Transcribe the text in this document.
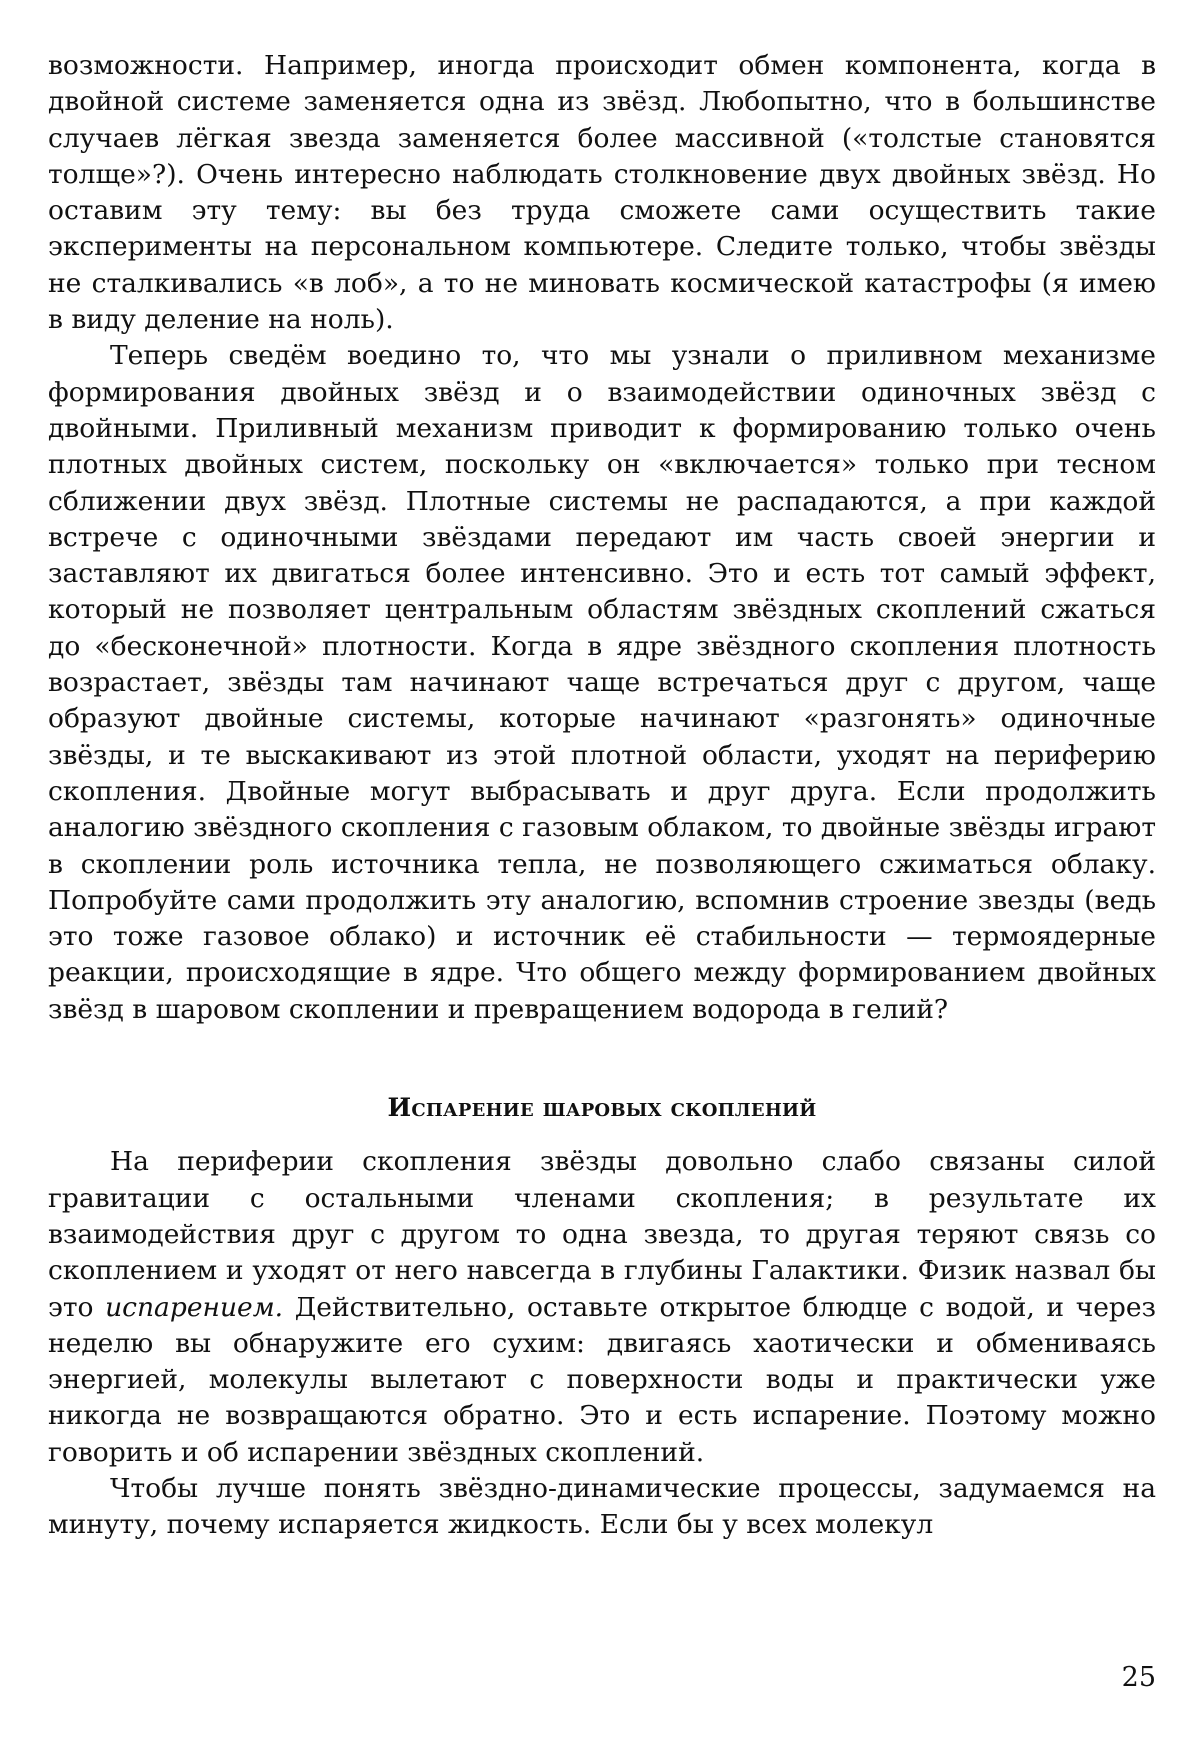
возможности. Например, иногда происходит обмен компонента, когда в двойной системе заменяется одна из звёзд. Любопытно, что в большинстве случаев лёгкая звезда заменяется более массивной («толстые становятся толще»?). Очень интересно наблюдать столкновение двух двойных звёзд. Но оставим эту тему: вы без труда сможете сами осуществить такие эксперименты на персональном компьютере. Следите только, чтобы звёзды не сталкивались «в лоб», а то не миновать космической катастрофы (я имею в виду деление на ноль).

Теперь сведём воедино то, что мы узнали о приливном механизме формирования двойных звёзд и о взаимодействии одиночных звёзд с двойными. Приливный механизм приводит к формированию только очень плотных двойных систем, поскольку он «включается» только при тесном сближении двух звёзд. Плотные системы не распадаются, а при каждой встрече с одиночными звёздами передают им часть своей энергии и заставляют их двигаться более интенсивно. Это и есть тот самый эффект, который не позволяет центральным областям звёздных скоплений сжаться до «бесконечной» плотности. Когда в ядре звёздного скопления плотность возрастает, звёзды там начинают чаще встречаться друг с другом, чаще образуют двойные системы, которые начинают «разгонять» одиночные звёзды, и те выскакивают из этой плотной области, уходят на периферию скопления. Двойные могут выбрасывать и друг друга. Если продолжить аналогию звёздного скопления с газовым облаком, то двойные звёзды играют в скоплении роль источника тепла, не позволяющего сжиматься облаку. Попробуйте сами продолжить эту аналогию, вспомнив строение звезды (ведь это тоже газовое облако) и источник её стабильности — термоядерные реакции, происходящие в ядре. Что общего между формированием двойных звёзд в шаровом скоплении и превращением водорода в гелий?

Испарение шаровых скоплений

На периферии скопления звёзды довольно слабо связаны силой гравитации с остальными членами скопления; в результате их взаимодействия друг с другом то одна звезда, то другая теряют связь со скоплением и уходят от него навсегда в глубины Галактики. Физик назвал бы это испарением. Действительно, оставьте открытое блюдце с водой, и через неделю вы обнаружите его сухим: двигаясь хаотически и обмениваясь энергией, молекулы вылетают с поверхности воды и практически уже никогда не возвращаются обратно. Это и есть испарение. Поэтому можно говорить и об испарении звёздных скоплений.

Чтобы лучше понять звёздно-динамические процессы, задумаемся на минуту, почему испаряется жидкость. Если бы у всех молекул

25
